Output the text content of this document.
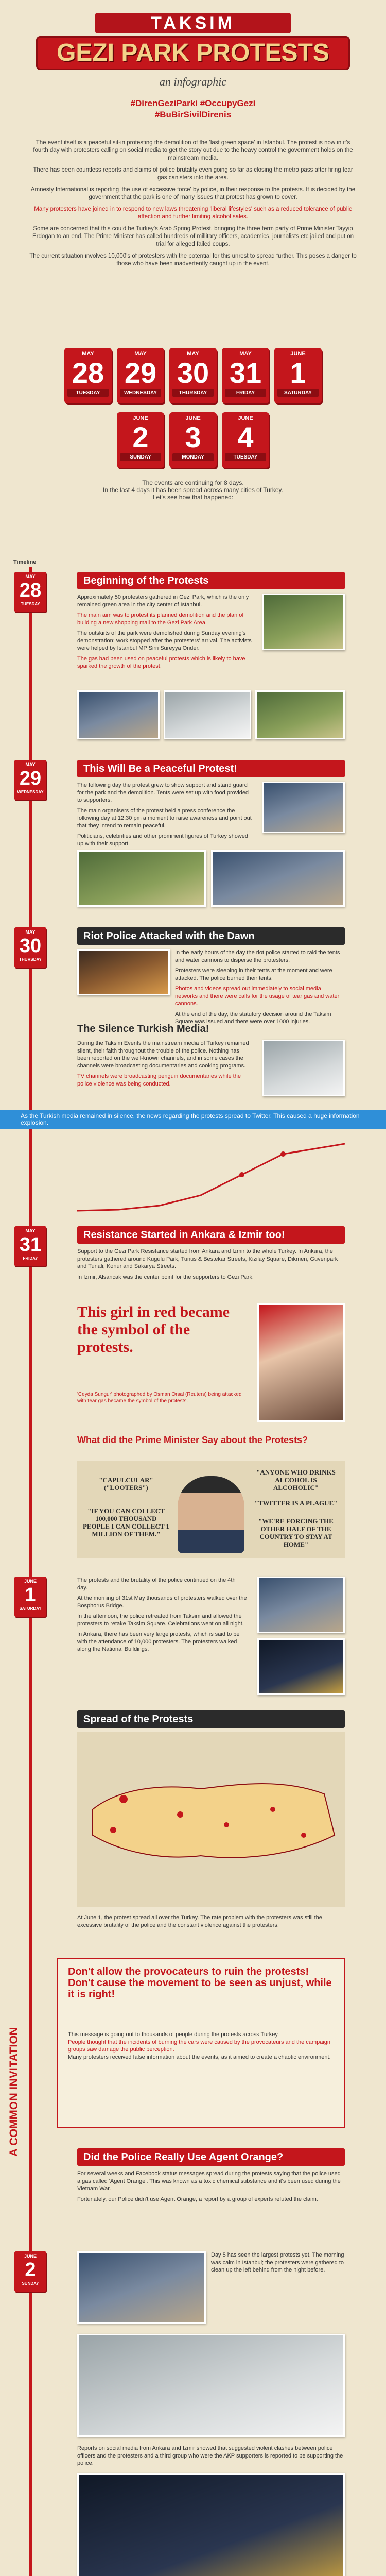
TAKSIM
GEZI PARK PROTESTS
an infographic
#DirenGeziParki #OccupyGezi
#BuBirSivilDirenis

The event itself is a peaceful sit-in protesting the demolition of the 'last green space' in Istanbul. The protest is now in it's fourth day with protesters calling on social media to get the story out due to the heavy control the government holds on the mainstream media.

There has been countless reports and claims of police brutality even going so far as closing the metro pass after firing tear gas canisters into the area.

Amnesty International is reporting 'the use of excessive force' by police, in their response to the protests. It is decided by the government that the park is one of many issues that protest has grown to cover.

Many protesters have joined in to respond to new laws threatening 'liberal lifestyles' such as a reduced tolerance of public affection and further limiting alcohol sales.

Some are concerned that this could be Turkey's Arab Spring Protest, bringing the three term party of Prime Minister Tayyip Erdogan to an end. The Prime Minister has called hundreds of millitary officers, academics, journalists etc jailed and put on trial for alleged failed coups.

The current situation involves 10,000's of protesters with the potential for this unrest to spread further. This poses a danger to those who have been inadvertently caught up in the event.

MAY
28
TUESDAY
MAY
29
WEDNESDAY
MAY
30
THURSDAY
MAY
31
FRIDAY
JUNE
1
SATURDAY
JUNE
2
SUNDAY
JUNE
3
MONDAY
JUNE
4
TUESDAY
The events are continuing for 8 days.
In the last 4 days it has been spread across many cities of Turkey.
Let's see how that happened:
Timeline
MAY
28
TUESDAY
Beginning of the Protests

Approximately 50 protesters gathered in Gezi Park, which is the only remained green area in the city center of Istanbul.

The main aim was to protest its planned demolition and the plan of building a new shopping mall to the Gezi Park Area.

The outskirts of the park were demolished during Sunday evening's demonstration; work stopped after the protesters' arrival. The activists were helped by Istanbul MP Sirri Sureyya Onder.

The gas had been used on peaceful protests which is likely to have sparked the growth of the protest.

MAY
29
WEDNESDAY
This Will Be a Peaceful Protest!

The following day the protest grew to show support and stand guard for the park and the demolition. Tents were set up with food provided to supporters.

The main organisers of the protest held a press conference the following day at 12:30 pm a moment to raise awareness and point out that they intend to remain peaceful.

Politicians, celebrities and other prominent figures of Turkey showed up with their support.

MAY
30
THURSDAY
Riot Police Attacked with the Dawn

In the early hours of the day the riot police started to raid the tents and water cannons to disperse the protesters.

Protesters were sleeping in their tents at the moment and were attacked. The police burned their tents.

Photos and videos spread out immediately to social media networks and there were calls for the usage of tear gas and water cannons.

At the end of the day, the statutory decision around the Taksim Square was issued and there were over 1000 injuries.

The Silence Turkish Media!

During the Taksim Events the mainstream media of Turkey remained silent, their faith throughout the trouble of the police. Nothing has been reported on the well-known channels, and in some cases the channels were broadcasting documentaries and cooking programs.

TV channels were broadcasting penguin documentaries while the police violence was being conducted.

As the Turkish media remained in silence, the news regarding the protests spread to Twitter. This caused a huge information explosion.
MAY
31
FRIDAY
Resistance Started in Ankara & Izmir too!

Support to the Gezi Park Resistance started from Ankara and Izmir to the whole Turkey. In Ankara, the protesters gathered around Kugulu Park, Tunus & Bestekar Streets, Kizilay Square, Dikmen, Guvenpark and Tunali, Konur and Sakarya Streets.

In Izmir, Alsancak was the center point for the supporters to Gezi Park.

This girl in red became the symbol of the protests.
'Ceyda Sungur' photographed by Osman Orsal (Reuters) being attacked with tear gas became the symbol of the protests.
What did the Prime Minister Say about the Protests?
"CAPULCULAR" ("LOOTERS")
"IF YOU CAN COLLECT 100,000 THOUSAND PEOPLE I CAN COLLECT 1 MILLION OF THEM."
"ANYONE WHO DRINKS ALCOHOL IS ALCOHOLIC"
"TWITTER IS A PLAGUE"
"WE'RE FORCING THE OTHER HALF OF THE COUNTRY TO STAY AT HOME"
JUNE
1
SATURDAY

The protests and the brutality of the police continued on the 4th day.

At the morning of 31st May thousands of protesters walked over the Bosphorus Bridge.

In the afternoon, the police retreated from Taksim and allowed the protesters to retake Taksim Square. Celebrations went on all night.

In Ankara, there has been very large protests, which is said to be with the attendance of 10,000 protesters. The protesters walked along the National Buildings.

Spread of the Protests

At June 1, the protest spread all over the Turkey. The rate problem with the protesters was still the excessive brutality of the police and the constant violence against the protesters.

A COMMON INVITATION
Don't allow the provocateurs to ruin the protests! Don't cause the movement to be seen as unjust, while it is right!

This message is going out to thousands of people during the protests across Turkey.

People thought that the incidents of burning the cars were caused by the provocateurs and the campaign groups saw damage the public perception.

Many protesters received false information about the events, as it aimed to create a chaotic environment.

Did the Police Really Use Agent Orange?

For several weeks and Facebook status messages spread during the protests saying that the police used a gas called 'Agent Orange'. This was known as a toxic chemical substance and it's been used during the Vietnam War.

Fortunately, our Police didn't use Agent Orange, a report by a group of experts refuted the claim.

JUNE
2
SUNDAY

Day 5 has seen the largest protests yet. The morning was calm in Istanbul; the protesters were gathered to clean up the left behind from the night before.

Reports on social media from Ankara and Izmir showed that suggested violent clashes between police officers and the protesters and a third group who were the AKP supporters is reported to be supporting the police.
